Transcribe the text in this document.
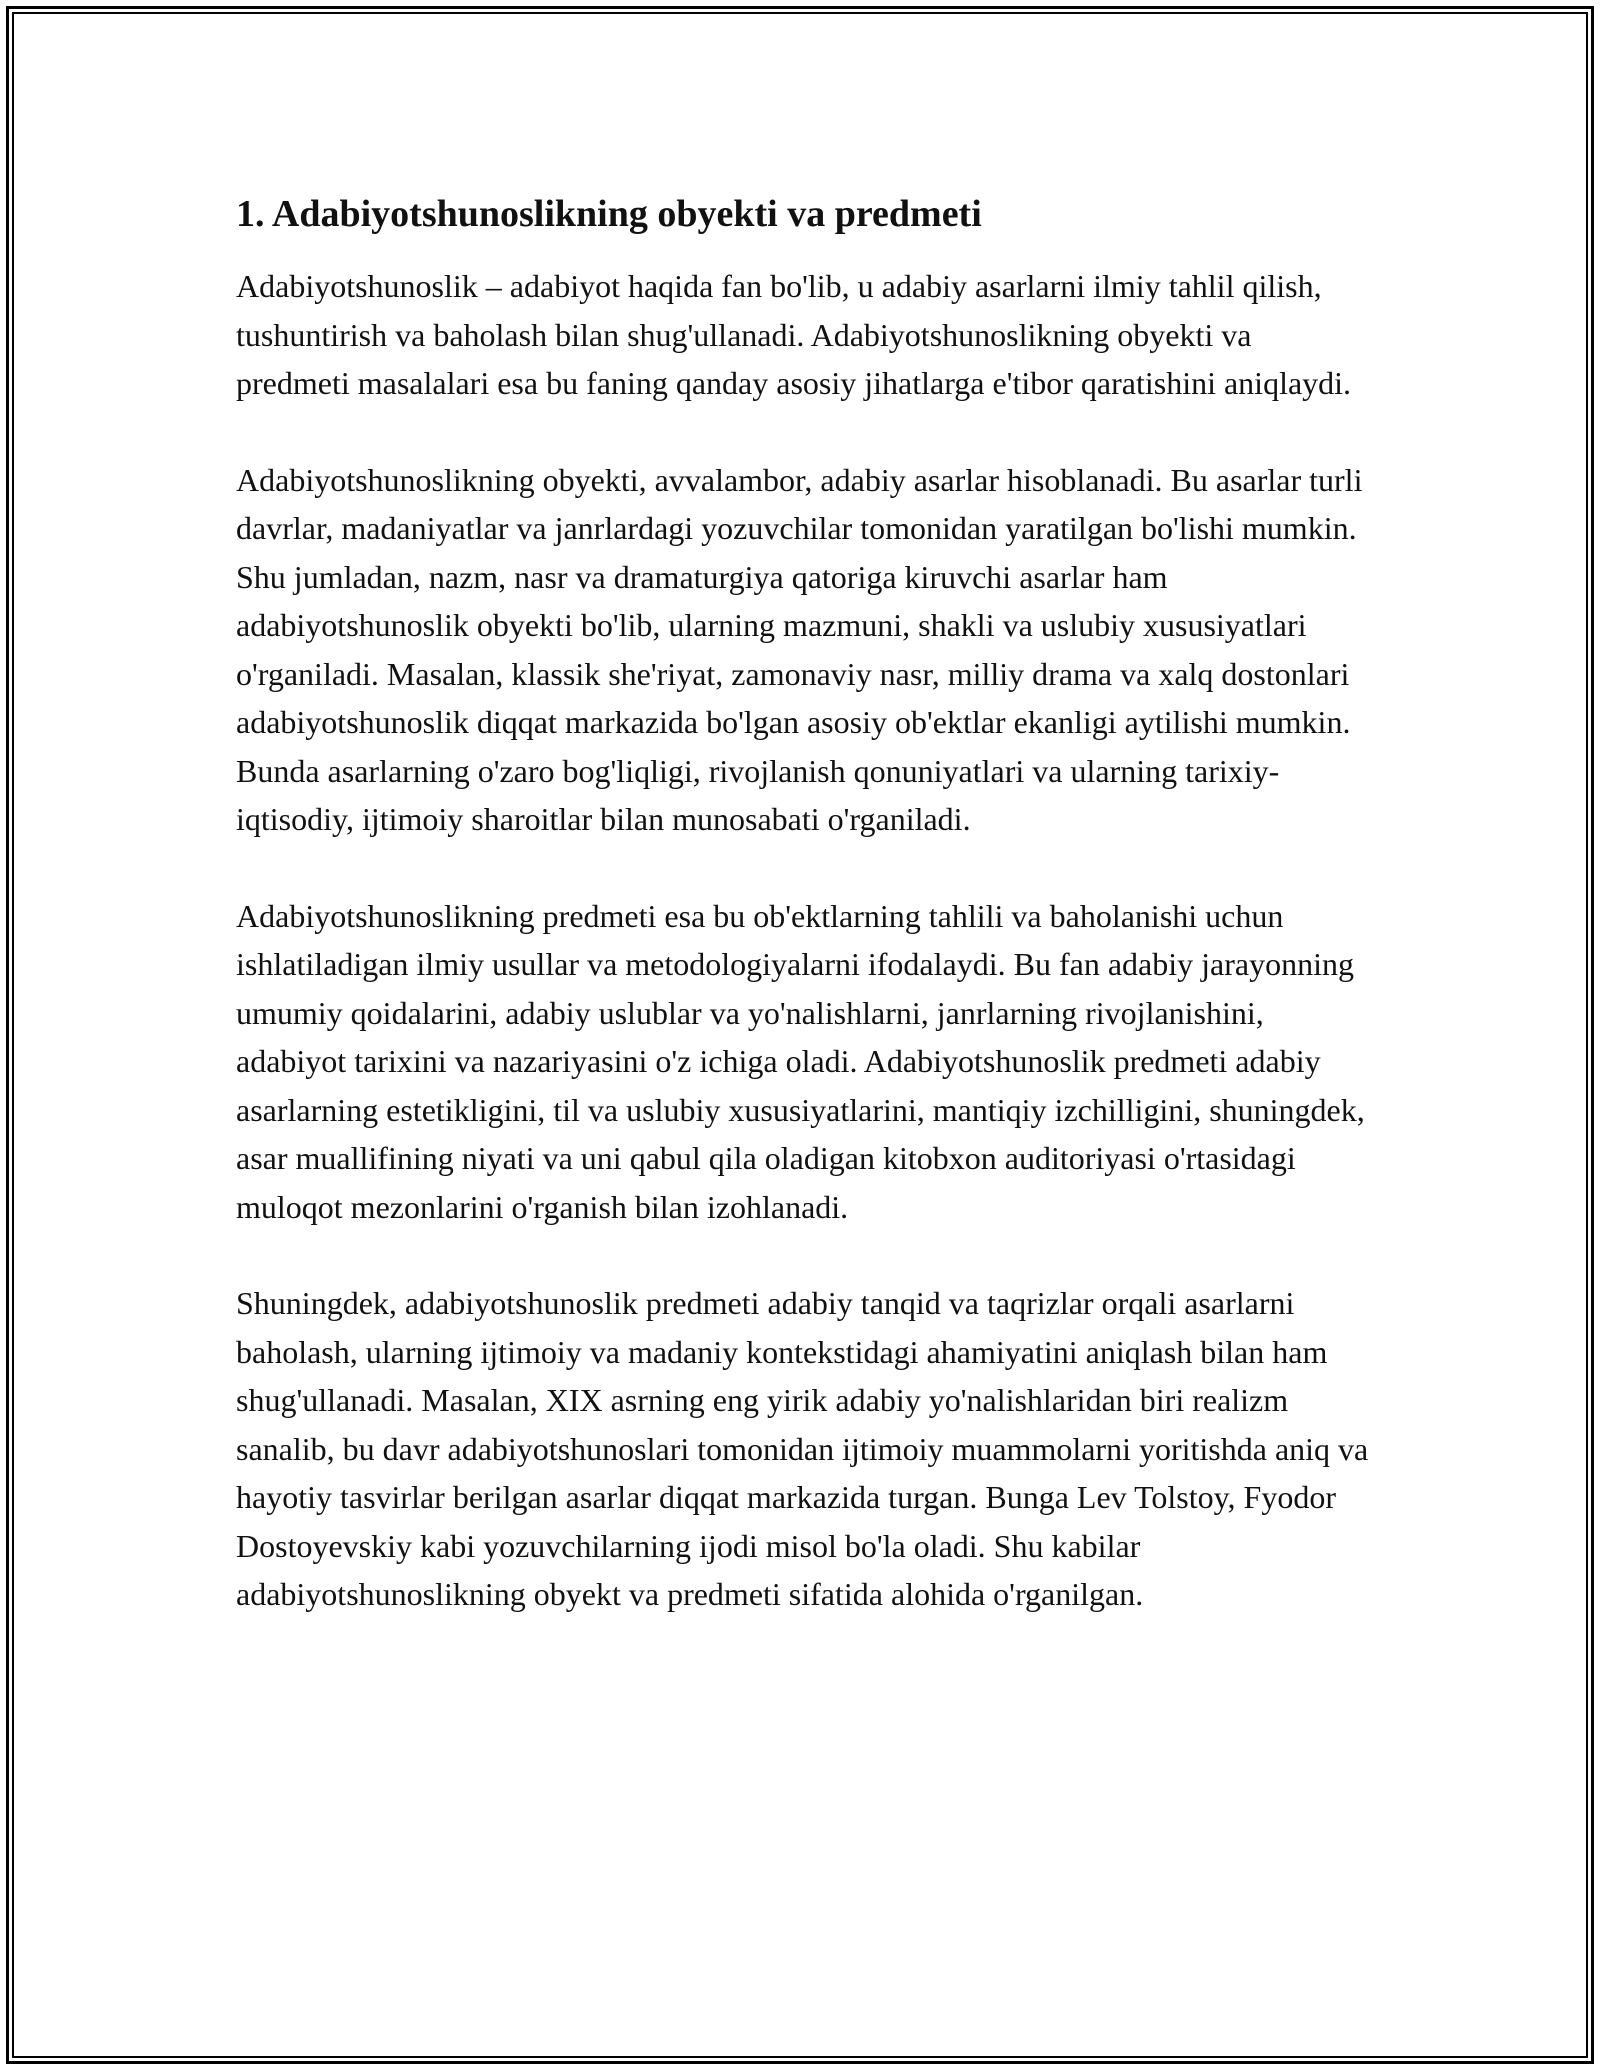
1. Adabiyotshunoslikning obyekti va predmeti

Adabiyotshunoslik – adabiyot haqida fan bo'lib, u adabiy asarlarni ilmiy tahlil qilish, tushuntirish va baholash bilan shug'ullanadi. Adabiyotshunoslikning obyekti va predmeti masalalari esa bu faning qanday asosiy jihatlarga e'tibor qaratishini aniqlaydi.

Adabiyotshunoslikning obyekti, avvalambor, adabiy asarlar hisoblanadi. Bu asarlar turli davrlar, madaniyatlar va janrlardagi yozuvchilar tomonidan yaratilgan bo'lishi mumkin. Shu jumladan, nazm, nasr va dramaturgiya qatoriga kiruvchi asarlar ham adabiyotshunoslik obyekti bo'lib, ularning mazmuni, shakli va uslubiy xususiyatlari o'rganiladi. Masalan, klassik she'riyat, zamonaviy nasr, milliy drama va xalq dostonlari adabiyotshunoslik diqqat markazida bo'lgan asosiy ob'ektlar ekanligi aytilishi mumkin. Bunda asarlarning o'zaro bog'liqligi, rivojlanish qonuniyatlari va ularning tarixiy-iqtisodiy, ijtimoiy sharoitlar bilan munosabati o'rganiladi.

Adabiyotshunoslikning predmeti esa bu ob'ektlarning tahlili va baholanishi uchun ishlatiladigan ilmiy usullar va metodologiyalarni ifodalaydi. Bu fan adabiy jarayonning umumiy qoidalarini, adabiy uslublar va yo'nalishlarni, janrlarning rivojlanishini, adabiyot tarixini va nazariyasini o'z ichiga oladi. Adabiyotshunoslik predmeti adabiy asarlarning estetikligini, til va uslubiy xususiyatlarini, mantiqiy izchilligini, shuningdek, asar muallifining niyati va uni qabul qila oladigan kitobxon auditoriyasi o'rtasidagi muloqot mezonlarini o'rganish bilan izohlanadi.

Shuningdek, adabiyotshunoslik predmeti adabiy tanqid va taqrizlar orqali asarlarni baholash, ularning ijtimoiy va madaniy kontekstidagi ahamiyatini aniqlash bilan ham shug'ullanadi. Masalan, XIX asrning eng yirik adabiy yo'nalishlaridan biri realizm sanalib, bu davr adabiyotshunoslari tomonidan ijtimoiy muammolarni yoritishda aniq va hayotiy tasvirlar berilgan asarlar diqqat markazida turgan. Bunga Lev Tolstoy, Fyodor Dostoyevskiy kabi yozuvchilarning ijodi misol bo'la oladi. Shu kabilar adabiyotshunoslikning obyekt va predmeti sifatida alohida o'rganilgan.
